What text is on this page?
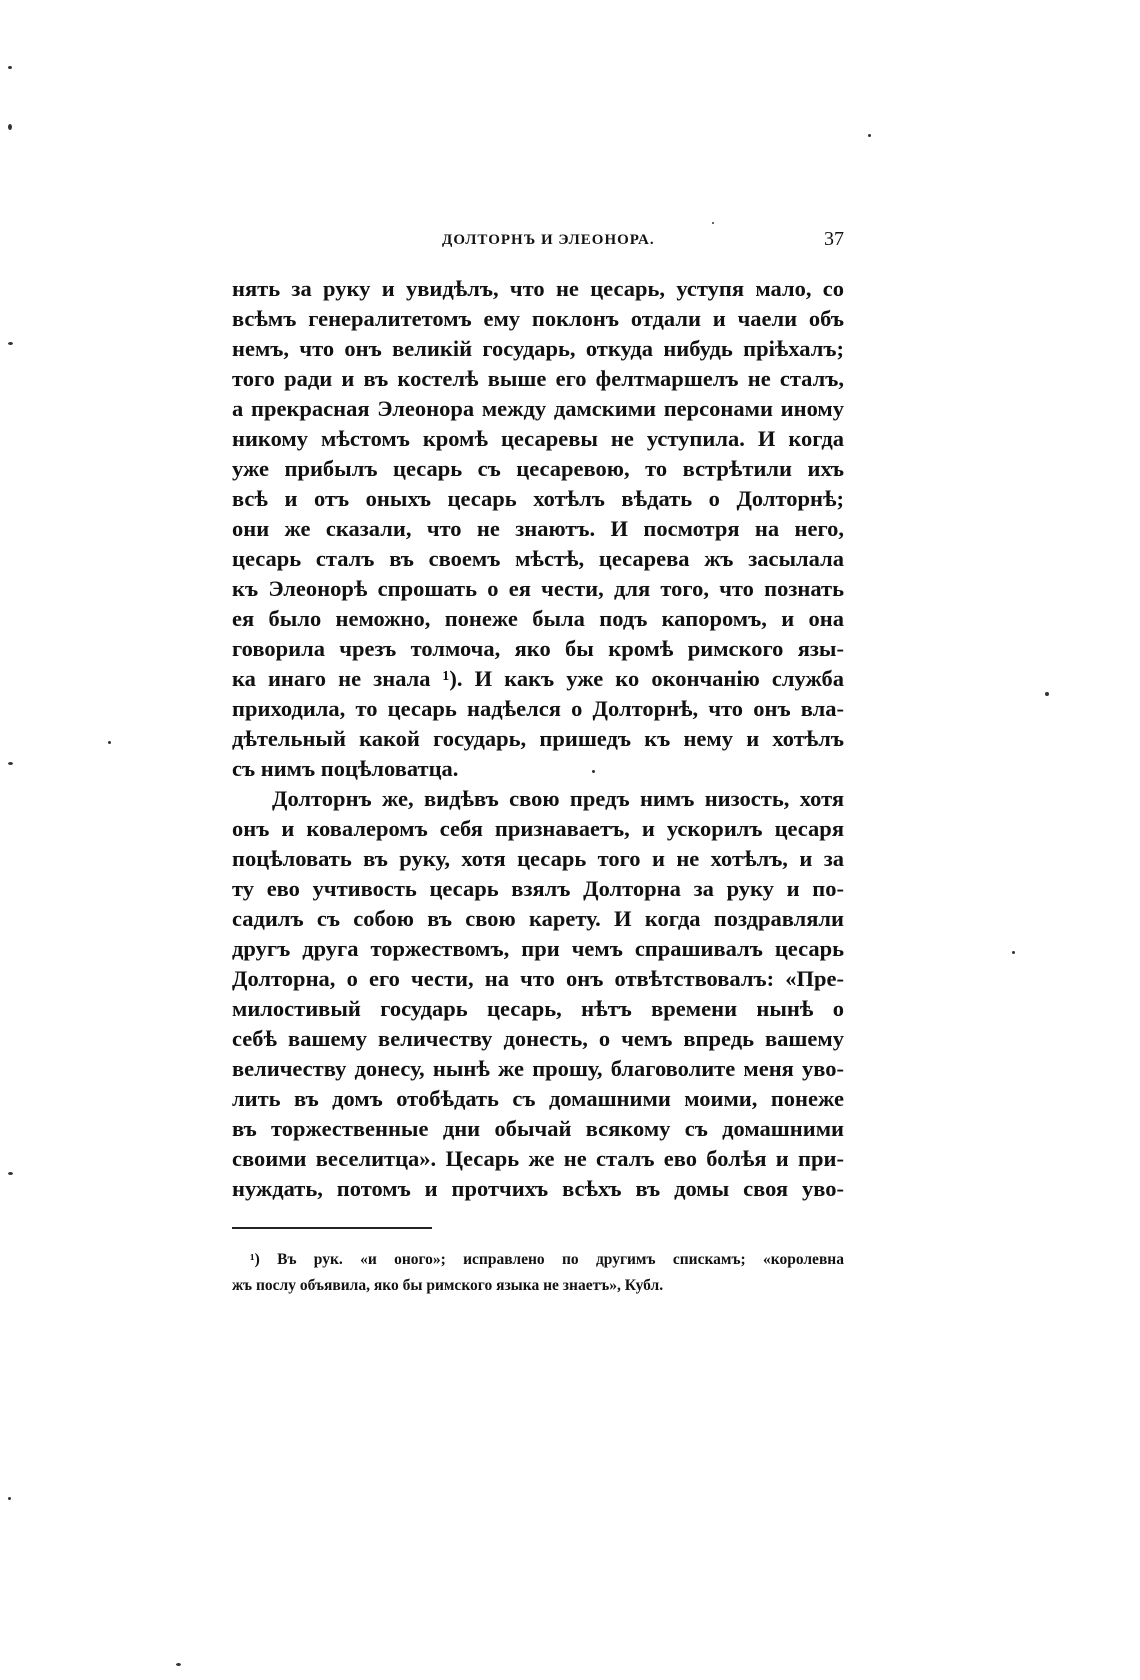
ДОЛТОРНЪ И ЭЛЕОНОРА.	37
нять за руку и увидѣлъ, что не цесарь, уступя мало, со
всѣмъ генералитетомъ ему поклонъ отдали и чаели объ
немъ, что онъ великій государь, откуда нибудь пріѣхалъ;
того ради и въ костелѣ выше его фелтмаршелъ не сталъ,
а прекрасная Элеонора между дамскими персонами иному
никому мѣстомъ кромѣ цесаревы не уступила. И когда
уже прибылъ цесарь съ цесаревою, то встрѣтили ихъ
всѣ и отъ оныхъ цесарь хотѣлъ вѣдать о Долторнѣ;
они же сказали, что не знаютъ. И посмотря на него,
цесарь сталъ въ своемъ мѣстѣ, цесарева жъ засылала
къ Элеонорѣ спрошать о ея чести, для того, что познать
ея было неможно, понеже была подъ капоромъ, и она
говорила чрезъ толмоча, яко бы кромѣ римского язы-
ка инаго не знала ¹). И какъ уже ко окончанію служба
приходила, то цесарь надѣелся о Долторнѣ, что онъ вла-
дѣтельный какой государь, пришедъ къ нему и хотѣлъ
съ нимъ поцѣловатца.
Долторнъ же, видѣвъ свою предъ нимъ низость, хотя
онъ и ковалеромъ себя признаваетъ, и ускорилъ цесаря
поцѣловать въ руку, хотя цесарь того и не хотѣлъ, и за
ту ево учтивость цесарь взялъ Долторна за руку и по-
садилъ съ собою въ свою карету. И когда поздравляли
другъ друга торжествомъ, при чемъ спрашивалъ цесарь
Долторна, о его чести, на что онъ отвѣтствовалъ: «Пре-
милостивый государь цесарь, нѣтъ времени нынѣ о
себѣ вашему величеству донесть, о чемъ впредь вашему
величеству донесу, нынѣ же прошу, благоволите меня уво-
лить въ домъ отобѣдать съ домашними моими, понеже
въ торжественные дни обычай всякому съ домашними
своими веселитца». Цесарь же не сталъ ево болѣя и при-
нуждать, потомъ и протчихъ всѣхъ въ домы своя уво-
¹) Въ рук. «и оного»; исправлено по другимъ спискамъ; «королевна
жъ послу объявила, яко бы римского языка не знаетъ», Кубл.
